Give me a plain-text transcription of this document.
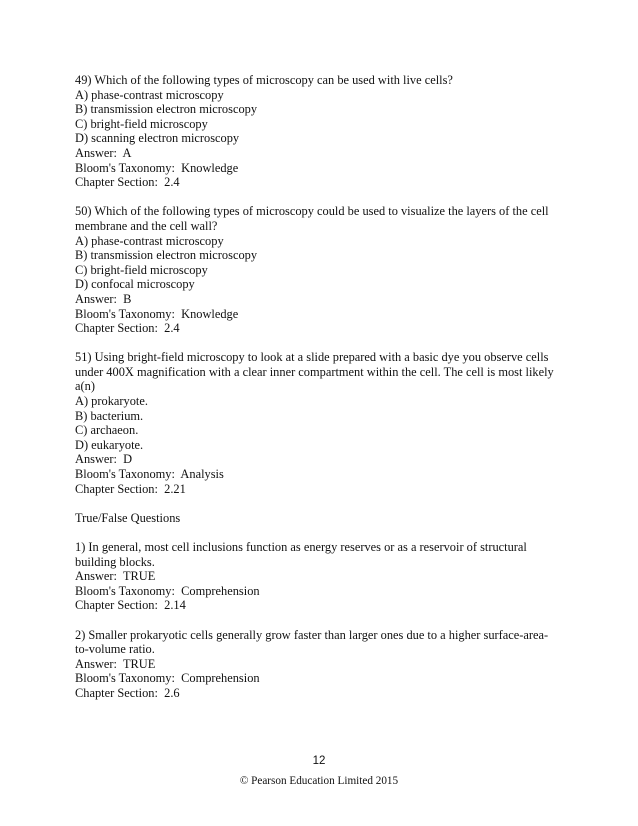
49) Which of the following types of microscopy can be used with live cells?
A) phase-contrast microscopy
B) transmission electron microscopy
C) bright-field microscopy
D) scanning electron microscopy
Answer:  A
Bloom's Taxonomy:  Knowledge
Chapter Section:  2.4
50) Which of the following types of microscopy could be used to visualize the layers of the cell
membrane and the cell wall?
A) phase-contrast microscopy
B) transmission electron microscopy
C) bright-field microscopy
D) confocal microscopy
Answer:  B
Bloom's Taxonomy:  Knowledge
Chapter Section:  2.4
51) Using bright-field microscopy to look at a slide prepared with a basic dye you observe cells
under 400X magnification with a clear inner compartment within the cell. The cell is most likely
a(n)
A) prokaryote.
B) bacterium.
C) archaeon.
D) eukaryote.
Answer:  D
Bloom's Taxonomy:  Analysis
Chapter Section:  2.21
True/False Questions
1) In general, most cell inclusions function as energy reserves or as a reservoir of structural
building blocks.
Answer:  TRUE
Bloom's Taxonomy:  Comprehension
Chapter Section:  2.14
2) Smaller prokaryotic cells generally grow faster than larger ones due to a higher surface-area-
to-volume ratio.
Answer:  TRUE
Bloom's Taxonomy:  Comprehension
Chapter Section:  2.6
12
© Pearson Education Limited 2015
